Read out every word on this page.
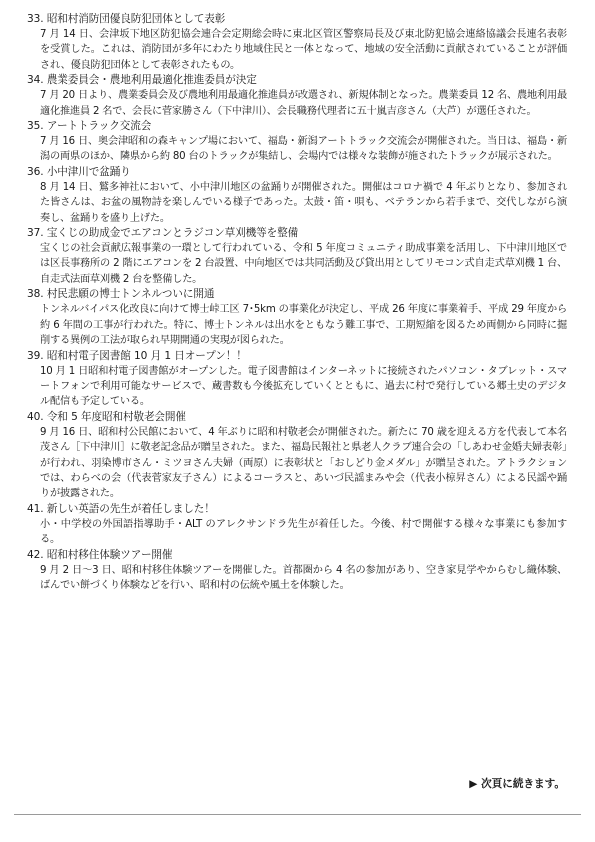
33. 昭和村消防団優良防犯団体として表彰

7 月 14 日、会津坂下地区防犯協会連合会定期総会時に東北区管区警察局長及び東北防犯協会連絡協議会長連名表彰を受賞した。これは、消防団が多年にわたり地域住民と一体となって、地域の安全活動に貢献されていることが評価され、優良防犯団体として表彰されたもの。

34. 農業委員会・農地利用最適化推進委員が決定

7 月 20 日より、農業委員会及び農地利用最適化推進員が改選され、新規体制となった。農業委員 12 名、農地利用最適化推進員 2 名で、会長に菅家勝さん（下中津川）、会長職務代理者に五十嵐吉彦さん（大芦）が選任された。

35. アートトラック交流会

7 月 16 日、奥会津昭和の森キャンプ場において、福島・新潟アートトラック交流会が開催された。当日は、福島・新潟の両県のほか、隣県から約 80 台のトラックが集結し、会場内では様々な装飾が施されたトラックが展示された。

36. 小中津川で盆踊り

8 月 14 日、鷲多神社において、小中津川地区の盆踊りが開催された。開催はコロナ禍で 4 年ぶりとなり、参加された皆さんは、お盆の風物詩を楽しんでいる様子であった。太鼓・笛・唄も、ベテランから若手まで、交代しながら演奏し、盆踊りを盛り上げた。

37. 宝くじの助成金でエアコンとラジコン草刈機等を整備

宝くじの社会貢献広報事業の一環として行われている、令和 5 年度コミュニティ助成事業を活用し、下中津川地区では区長事務所の 2 階にエアコンを 2 台設置、中向地区では共同活動及び貸出用としてリモコン式自走式草刈機 1 台、自走式法面草刈機 2 台を整備した。

38. 村民悲願の博士トンネルついに開通

トンネルバイパス化改良に向けて博士峠工区 7･5km の事業化が決定し、平成 26 年度に事業着手、平成 29 年度から約 6 年間の工事が行われた。特に、博士トンネルは出水をともなう難工事で、工期短縮を図るため両側から同時に掘削する異例の工法が取られ早期開通の実現が図られた。

39. 昭和村電子図書館 10 月 1 日オープン！！

10 月 1 日昭和村電子図書館がオープンした。電子図書館はインターネットに接続されたパソコン・タブレット・スマートフォンで利用可能なサービスで、蔵書数も今後拡充していくとともに、過去に村で発行している郷土史のデジタル配信も予定している。

40. 令和 5 年度昭和村敬老会開催

9 月 16 日、昭和村公民館において、4 年ぶりに昭和村敬老会が開催された。新たに 70 歳を迎える方を代表して本名茂さん［下中津川］に敬老記念品が贈呈された。また、福島民報社と県老人クラブ連合会の「しあわせ金婚夫婦表彰」が行われ、羽染博市さん・ミツヨさん夫婦（両原）に表彰状と「おしどり金メダル」が贈呈された。アトラクションでは、わらべの会（代表菅家友子さん）によるコーラスと、あいづ民謡まみや会（代表小椋昇さん）による民謡や踊りが披露された。

41. 新しい英語の先生が着任しました！

小・中学校の外国語指導助手・ALT のアレクサンドラ先生が着任した。今後、村で開催する様々な事業にも参加する。

42. 昭和村移住体験ツアー開催

9 月 2 日～3 日、昭和村移住体験ツアーを開催した。首都圏から 4 名の参加があり、空き家見学やからむし織体験、ばんでい餅づくり体験などを行い、昭和村の伝統や風土を体験した。

▶ 次頁に続きます。
